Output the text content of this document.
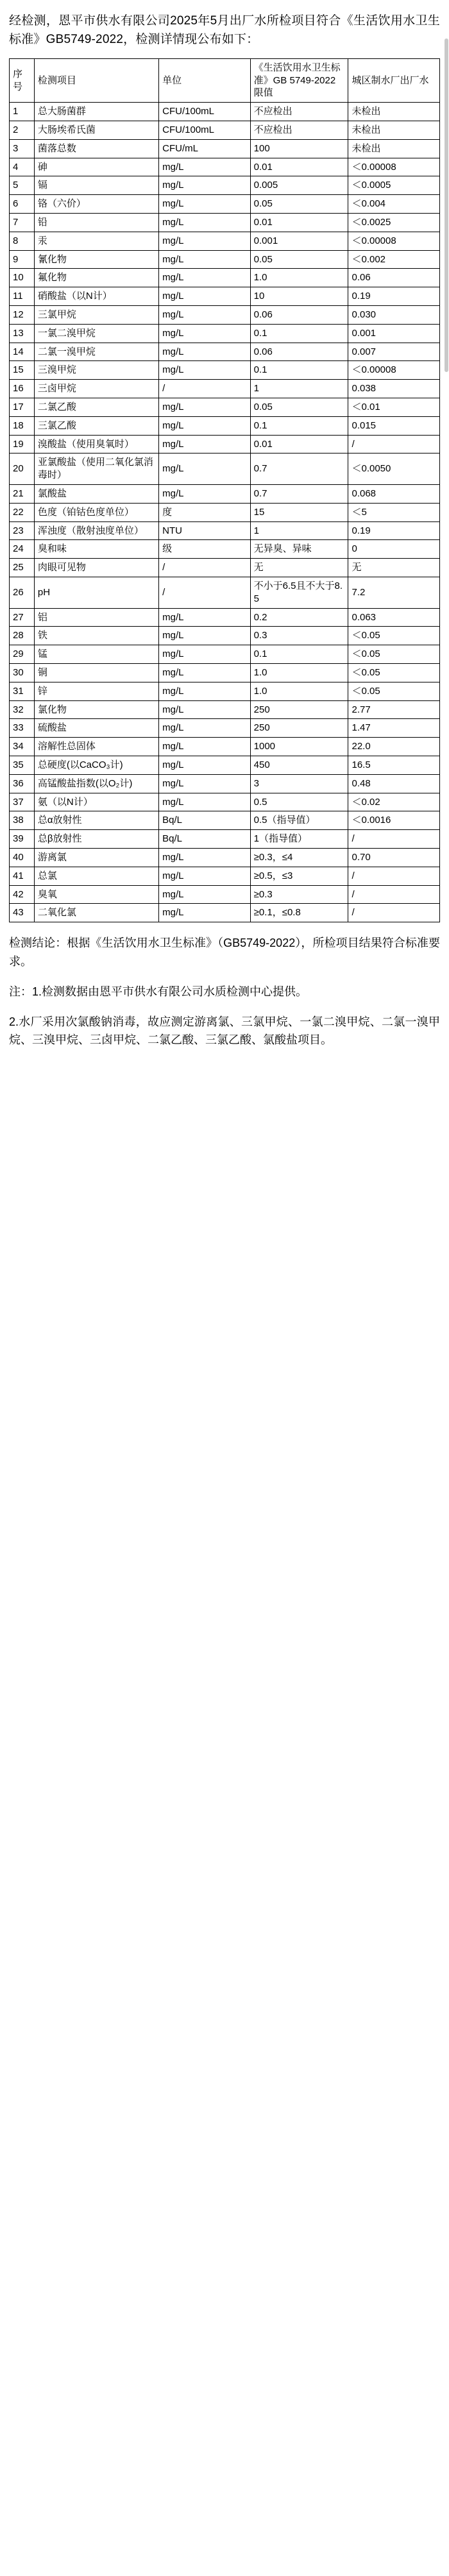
经检测，恩平市供水有限公司2025年5月出厂水所检项目符合《生活饮用水卫生标准》GB5749-2022，检测详情现公布如下：

序号	检测项目	单位	《生活饮用水卫生标准》GB 5749-2022限值	城区制水厂出厂水
1	总大肠菌群	CFU/100mL	不应检出	未检出
2	大肠埃希氏菌	CFU/100mL	不应检出	未检出
3	菌落总数	CFU/mL	100	未检出
4	砷	mg/L	0.01	＜0.00008
5	镉	mg/L	0.005	＜0.0005
6	铬（六价）	mg/L	0.05	＜0.004
7	铅	mg/L	0.01	＜0.0025
8	汞	mg/L	0.001	＜0.00008
9	氰化物	mg/L	0.05	＜0.002
10	氟化物	mg/L	1.0	0.06
11	硝酸盐（以N计）	mg/L	10	0.19
12	三氯甲烷	mg/L	0.06	0.030
13	一氯二溴甲烷	mg/L	0.1	0.001
14	二氯一溴甲烷	mg/L	0.06	0.007
15	三溴甲烷	mg/L	0.1	＜0.00008
16	三卤甲烷	/	1	0.038
17	二氯乙酸	mg/L	0.05	＜0.01
18	三氯乙酸	mg/L	0.1	0.015
19	溴酸盐（使用臭氧时）	mg/L	0.01	/
20	亚氯酸盐（使用二氧化氯消毒时）	mg/L	0.7	＜0.0050
21	氯酸盐	mg/L	0.7	0.068
22	色度（铂钴色度单位）	度	15	＜5
23	浑浊度（散射浊度单位）	NTU	1	0.19
24	臭和味	级	无异臭、异味	0
25	肉眼可见物	/	无	无
26	pH	/	不小于6.5且不大于8.5	7.2
27	铝	mg/L	0.2	0.063
28	铁	mg/L	0.3	＜0.05
29	锰	mg/L	0.1	＜0.05
30	铜	mg/L	1.0	＜0.05
31	锌	mg/L	1.0	＜0.05
32	氯化物	mg/L	250	2.77
33	硫酸盐	mg/L	250	1.47
34	溶解性总固体	mg/L	1000	22.0
35	总硬度(以CaCO₃计)	mg/L	450	16.5
36	高锰酸盐指数(以O₂计)	mg/L	3	0.48
37	氨（以N计）	mg/L	0.5	＜0.02
38	总α放射性	Bq/L	0.5（指导值）	＜0.0016
39	总β放射性	Bq/L	1（指导值）	/
40	游离氯	mg/L	≥0.3，≤4	0.70
41	总氯	mg/L	≥0.5，≤3	/
42	臭氧	mg/L	≥0.3	/
43	二氧化氯	mg/L	≥0.1，≤0.8	/

检测结论：根据《生活饮用水卫生标准》（GB5749-2022），所检项目结果符合标准要求。

注：1.检测数据由恩平市供水有限公司水质检测中心提供。

2.水厂采用次氯酸钠消毒，故应测定游离氯、三氯甲烷、一氯二溴甲烷、二氯一溴甲烷、三溴甲烷、三卤甲烷、二氯乙酸、三氯乙酸、氯酸盐项目。
